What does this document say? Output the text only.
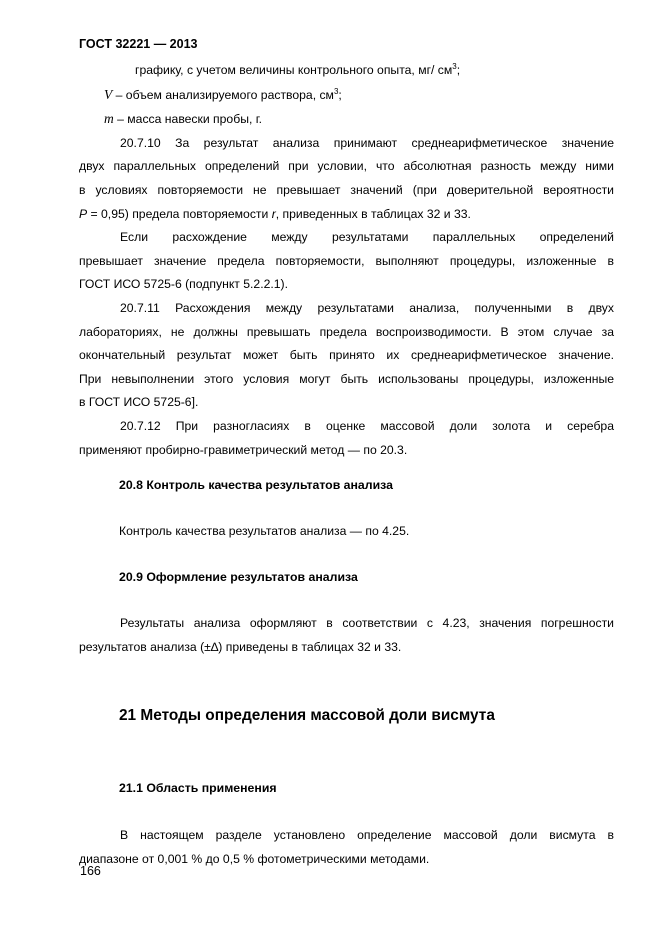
ГОСТ 32221 — 2013
графику, с учетом величины контрольного опыта, мг/ $см^3$;
V – объем анализируемого раствора, $см^3$;
m – масса навески пробы, г.
20.7.10 За результат анализа принимают среднеарифметическое значение
двух параллельных определений при условии, что абсолютная разность между ними
в условиях повторяемости не превышает значений (при доверительной вероятности
P = 0,95) предела повторяемости r, приведенных в таблицах 32 и 33.
Если расхождение между результатами параллельных определений
превышает значение предела повторяемости, выполняют процедуры, изложенные в
ГОСТ ИСО 5725-6 (подпункт 5.2.2.1).
20.7.11 Расхождения между результатами анализа, полученными в двух
лабораториях, не должны превышать предела воспроизводимости. В этом случае за
окончательный результат может быть принято их среднеарифметическое значение.
При невыполнении этого условия могут быть использованы процедуры, изложенные
в ГОСТ ИСО 5725-6].
20.7.12 При разногласиях в оценке массовой доли золота и серебра
применяют пробирно-гравиметрический метод — по 20.3.
20.8 Контроль качества результатов анализа
Контроль качества результатов анализа — по 4.25.
20.9 Оформление результатов анализа
Результаты анализа оформляют в соответствии с 4.23, значения погрешности
результатов анализа (±∆) приведены в таблицах 32 и 33.
21 Методы определения массовой доли висмута
21.1 Область применения
В настоящем разделе установлено определение массовой доли висмута в
диапазоне от 0,001 % до 0,5 % фотометрическими методами.
166
